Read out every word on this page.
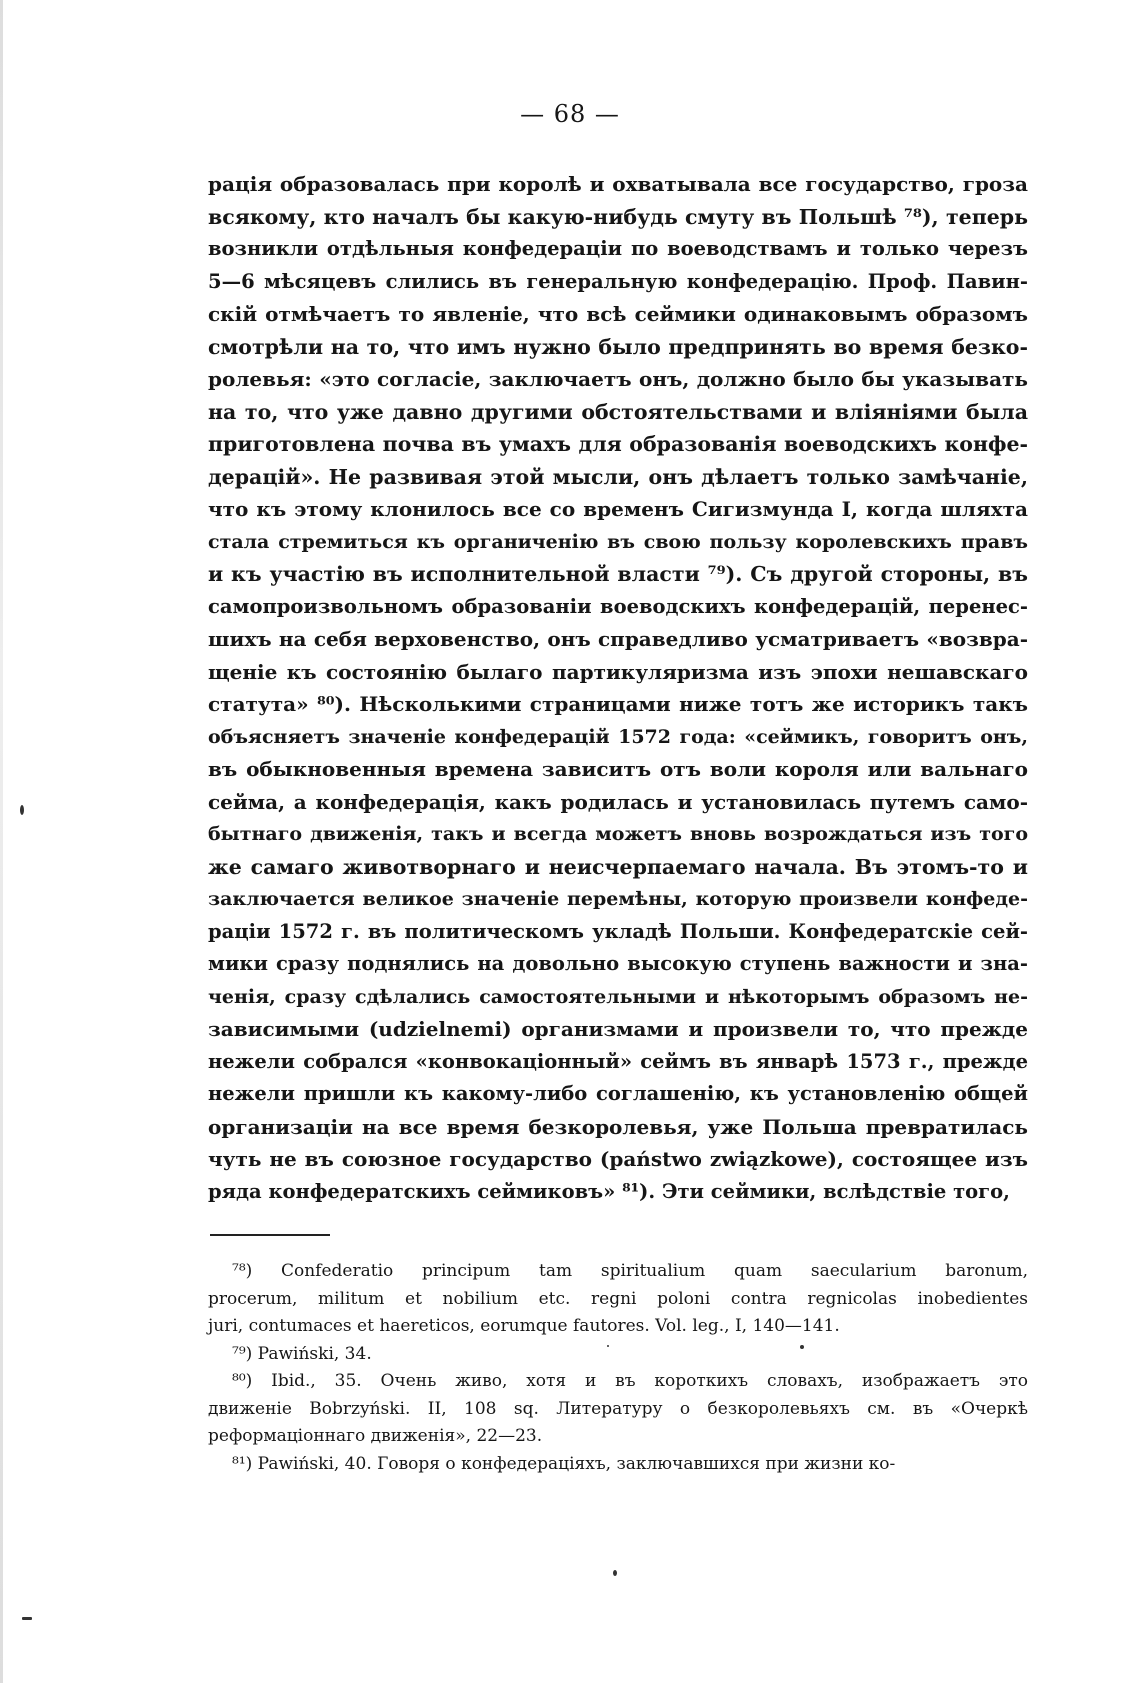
— 68 —
рація образовалась при королѣ и охватывала все государство, гроза
всякому, кто началъ бы какую-нибудь смуту въ Польшѣ ⁷⁸), теперь
возникли отдѣльныя конфедераціи по воеводствамъ и только черезъ
5—6 мѣсяцевъ слились въ генеральную конфедерацію. Проф. Павин-
скій отмѣчаетъ то явленіе, что всѣ сеймики одинаковымъ образомъ
смотрѣли на то, что имъ нужно было предпринять во время безко-
ролевья: «это согласіе, заключаетъ онъ, должно было бы указывать
на то, что уже давно другими обстоятельствами и вліяніями была
приготовлена почва въ умахъ для образованія воеводскихъ конфе-
дерацій». Не развивая этой мысли, онъ дѣлаетъ только замѣчаніе,
что къ этому клонилось все со временъ Сигизмунда I, когда шляхта
стала стремиться къ органиченію въ свою пользу королевскихъ правъ
и къ участію въ исполнительной власти ⁷⁹). Съ другой стороны, въ
самопроизвольномъ образованіи воеводскихъ конфедерацій, перенес-
шихъ на себя верховенство, онъ справедливо усматриваетъ «возвра-
щеніе къ состоянію былаго партикуляризма изъ эпохи нешавскаго
статута» ⁸⁰). Нѣсколькими страницами ниже тотъ же историкъ такъ
объясняетъ значеніе конфедерацій 1572 года: «сеймикъ, говоритъ онъ,
въ обыкновенныя времена зависитъ отъ воли короля или вальнаго
сейма, а конфедерація, какъ родилась и установилась путемъ само-
бытнаго движенія, такъ и всегда можетъ вновь возрождаться изъ того
же самаго животворнаго и неисчерпаемаго начала. Въ этомъ-то и
заключается великое значеніе перемѣны, которую произвели конфеде-
раціи 1572 г. въ политическомъ укладѣ Польши. Конфедератскіе сей-
мики сразу поднялись на довольно высокую ступень важности и зна-
ченія, сразу сдѣлались самостоятельными и нѣкоторымъ образомъ не-
зависимыми (udzielnemi) организмами и произвели то, что прежде
нежели собрался «конвокаціонный» сеймъ въ январѣ 1573 г., прежде
нежели пришли къ какому-либо соглашенію, къ установленію общей
организаціи на все время безкоролевья, уже Польша превратилась
чуть не въ союзное государство (państwo związkowe), состоящее изъ
ряда конфедератскихъ сеймиковъ» ⁸¹). Эти сеймики, вслѣдствіе того,
⁷⁸) Confederatio principum tam spiritualium quam saecularium baronum,
procerum, militum et nobilium etc. regni poloni contra regnicolas inobedientes
juri, contumaces et haereticos, eorumque fautores. Vol. leg., I, 140—141.
⁷⁹) Pawiński, 34.
⁸⁰) Ibid., 35. Очень живо, хотя и въ короткихъ словахъ, изображаетъ это
движеніе Bobrzyński. II, 108 sq. Литературу о безкоролевьяхъ см. въ «Очеркѣ
реформаціоннаго движенія», 22—23.
⁸¹) Pawiński, 40. Говоря о конфедераціяхъ, заключавшихся при жизни ко-
